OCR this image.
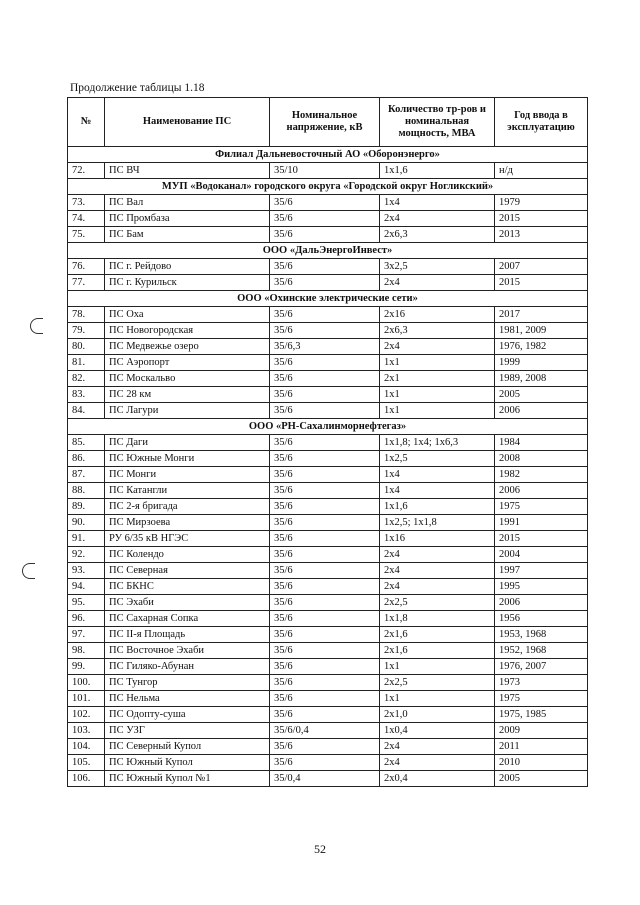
Продолжение таблицы 1.18
№	Наименование ПС	Номинальное напряжение, кВ	Количество тр-ров и номинальная мощность, МВА	Год ввода в эксплуатацию
Филиал Дальневосточный АО «Оборонэнерго»				
72.	ПС ВЧ	35/10	1x1,6	н/д
МУП «Водоканал» городского округа «Городской округ Ногликский»				
73.	ПС Вал	35/6	1x4	1979
74.	ПС Промбаза	35/6	2x4	2015
75.	ПС Бам	35/6	2x6,3	2013
ООО «ДальЭнергоИнвест»				
76.	ПС г. Рейдово	35/6	3x2,5	2007
77.	ПС г. Курильск	35/6	2x4	2015
ООО «Охинские электрические сети»				
78.	ПС Оха	35/6	2x16	2017
79.	ПС Новогородская	35/6	2x6,3	1981, 2009
80.	ПС Медвежье озеро	35/6,3	2x4	1976, 1982
81.	ПС Аэропорт	35/6	1x1	1999
82.	ПС Москальво	35/6	2x1	1989, 2008
83.	ПС 28 км	35/6	1x1	2005
84.	ПС Лагури	35/6	1x1	2006
ООО «РН-Сахалинморнефтегаз»				
85.	ПС Даги	35/6	1x1,8; 1x4; 1x6,3	1984
86.	ПС Южные Монги	35/6	1x2,5	2008
87.	ПС Монги	35/6	1x4	1982
88.	ПС Катангли	35/6	1x4	2006
89.	ПС 2-я бригада	35/6	1x1,6	1975
90.	ПС Мирзоева	35/6	1x2,5; 1x1,8	1991
91.	РУ 6/35 кВ НГЭС	35/6	1x16	2015
92.	ПС Колендо	35/6	2x4	2004
93.	ПС Северная	35/6	2x4	1997
94.	ПС БКНС	35/6	2x4	1995
95.	ПС Эхаби	35/6	2x2,5	2006
96.	ПС Сахарная Сопка	35/6	1x1,8	1956
97.	ПС II-я Площадь	35/6	2x1,6	1953, 1968
98.	ПС Восточное Эхаби	35/6	2x1,6	1952, 1968
99.	ПС Гиляко-Абунан	35/6	1x1	1976, 2007
100.	ПС Тунгор	35/6	2x2,5	1973
101.	ПС Нельма	35/6	1x1	1975
102.	ПС Одопту-суша	35/6	2x1,0	1975, 1985
103.	ПС УЗГ	35/6/0,4	1x0,4	2009
104.	ПС Северный Купол	35/6	2x4	2011
105.	ПС Южный Купол	35/6	2x4	2010
106.	ПС Южный Купол №1	35/0,4	2x0,4	2005
52
